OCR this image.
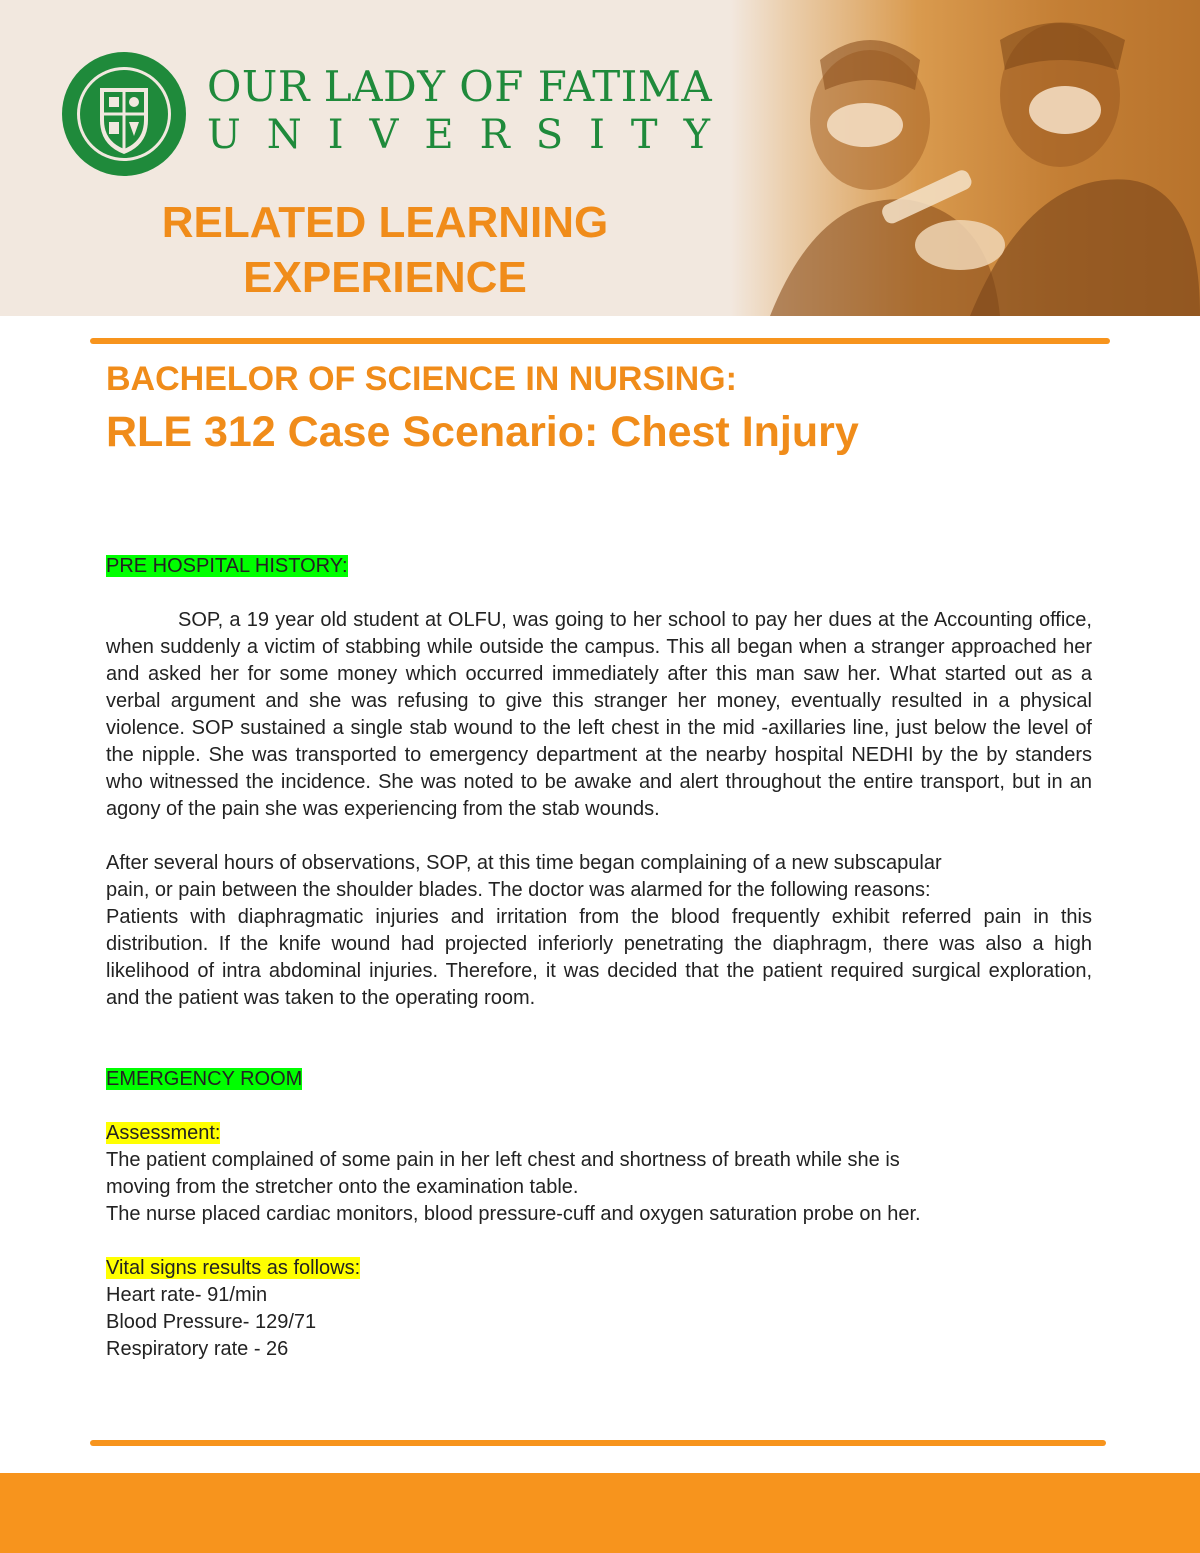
OUR LADY OF FATIMA
UNIVERSITY
RELATED LEARNING
EXPERIENCE
BACHELOR OF SCIENCE IN NURSING:
RLE 312 Case Scenario: Chest Injury

PRE HOSPITAL HISTORY:

SOP, a 19 year old student at OLFU, was going to her school to pay her dues at the Accounting office, when suddenly a victim of stabbing while outside the campus. This all began when a stranger approached her and asked her for some money which occurred immediately after this man saw her. What started out as a verbal argument and she was refusing to give this stranger her money, eventually resulted in a physical violence. SOP sustained a single stab wound to the left chest in the mid -axillaries line, just below the level of the nipple. She was transported to emergency department at the nearby hospital NEDHI by the by standers who witnessed the incidence. She was noted to be awake and alert throughout the entire transport, but in an agony of the pain she was experiencing from the stab wounds.

After several hours of observations, SOP, at this time began complaining of a new subscapular

pain, or pain between the shoulder blades. The doctor was alarmed for the following reasons:

Patients with diaphragmatic injuries and irritation from the blood frequently exhibit referred pain in this distribution. If the knife wound had projected inferiorly penetrating the diaphragm, there was also a high likelihood of intra abdominal injuries. Therefore, it was decided that the patient required surgical exploration, and the patient was taken to the operating room.

EMERGENCY ROOM

Assessment:

The patient complained of some pain in her left chest and shortness of breath while she is

moving from the stretcher onto the examination table.

The nurse placed cardiac monitors, blood pressure-cuff and oxygen saturation probe on her.

Vital signs results as follows:

Heart rate- 91/min

Blood Pressure- 129/71

Respiratory rate - 26
